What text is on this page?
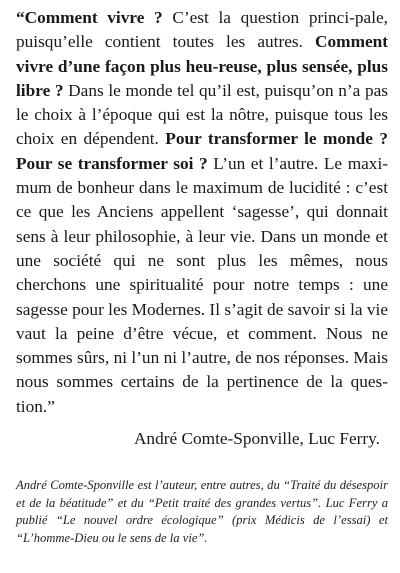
“Comment vivre ? C’est la question princi-pale, puisqu’elle contient toutes les autres. Comment vivre d’une façon plus heu-reuse, plus sensée, plus libre ? Dans le monde tel qu’il est, puisqu’on n’a pas le choix à l’époque qui est la nôtre, puisque tous les choix en dépendent. Pour transformer le monde ? Pour se transformer soi ? L’un et l’autre. Le maxi-mum de bonheur dans le maximum de lucidité : c’est ce que les Anciens appellent ‘sagesse’, qui donnait sens à leur philosophie, à leur vie. Dans un monde et une société qui ne sont plus les mêmes, nous cherchons une spiritualité pour notre temps : une sagesse pour les Modernes. Il s’agit de savoir si la vie vaut la peine d’être vécue, et comment. Nous ne sommes sûrs, ni l’un ni l’autre, de nos réponses. Mais nous sommes certains de la pertinence de la ques-tion.”

André Comte-Sponville, Luc Ferry.

André Comte-Sponville est l’auteur, entre autres, du “Traité du désespoir et de la béatitude” et du “Petit traité des grandes vertus”. Luc Ferry a publié “Le nouvel ordre écologique” (prix Médicis de l’essai) et “L’homme-Dieu ou le sens de la vie”.
